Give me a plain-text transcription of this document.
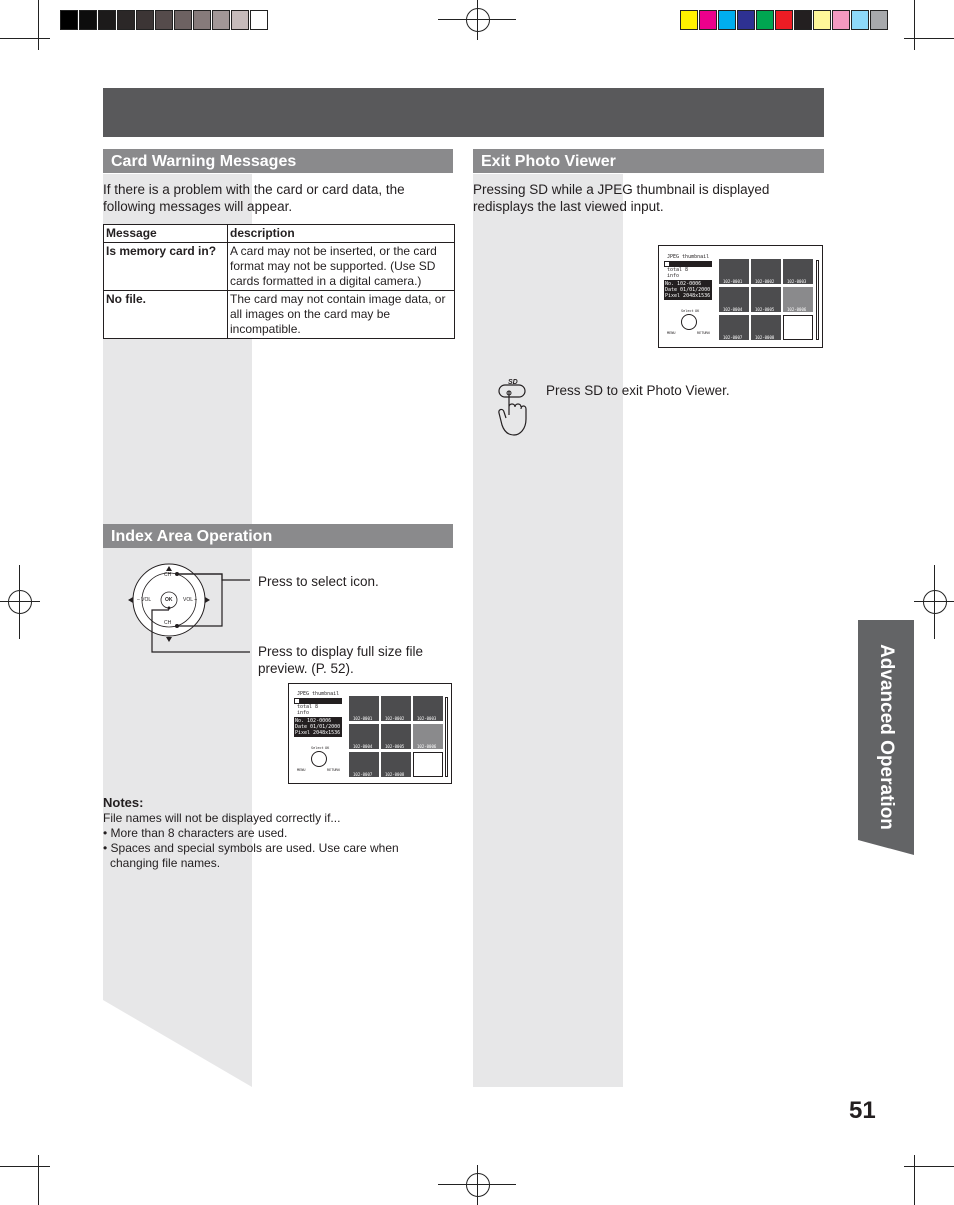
Card Warning Messages
If there is a problem with the card or card data, the following messages will appear.
Message	description
Is memory card in?	A card may not be inserted, or the card format may not be supported. (Use SD cards formatted in a digital camera.)
No file.	The card may not contain image data, or all images on the card may be incompatible.
Exit Photo Viewer
Pressing SD while a JPEG thumbnail is displayed redisplays the last viewed input.
JPEG thumbnail
total 8
info
No. 102-0006
Date 01/01/2000
Pixel 2048x1536
Select OK
MENU	RETURN
102-0001	102-0002	102-0003
102-0004	102-0005	102-0006
102-0007	102-0008
SD
Press SD to exit Photo Viewer.
Index Area Operation
CH
CH
– VOL	VOL +
OK
Press to select icon.
Press to display full size file preview. (P. 52).
JPEG thumbnail
total 8
info
No. 102-0006
Date 01/01/2000
Pixel 2048x1536
Select OK
MENU	RETURN
102-0001	102-0002	102-0003
102-0004	102-0005	102-0006
102-0007	102-0008
Notes:
File names will not be displayed correctly if...
• More than 8 characters are used.
• Spaces and special symbols are used. Use care when
changing file names.
Advanced Operation
51
